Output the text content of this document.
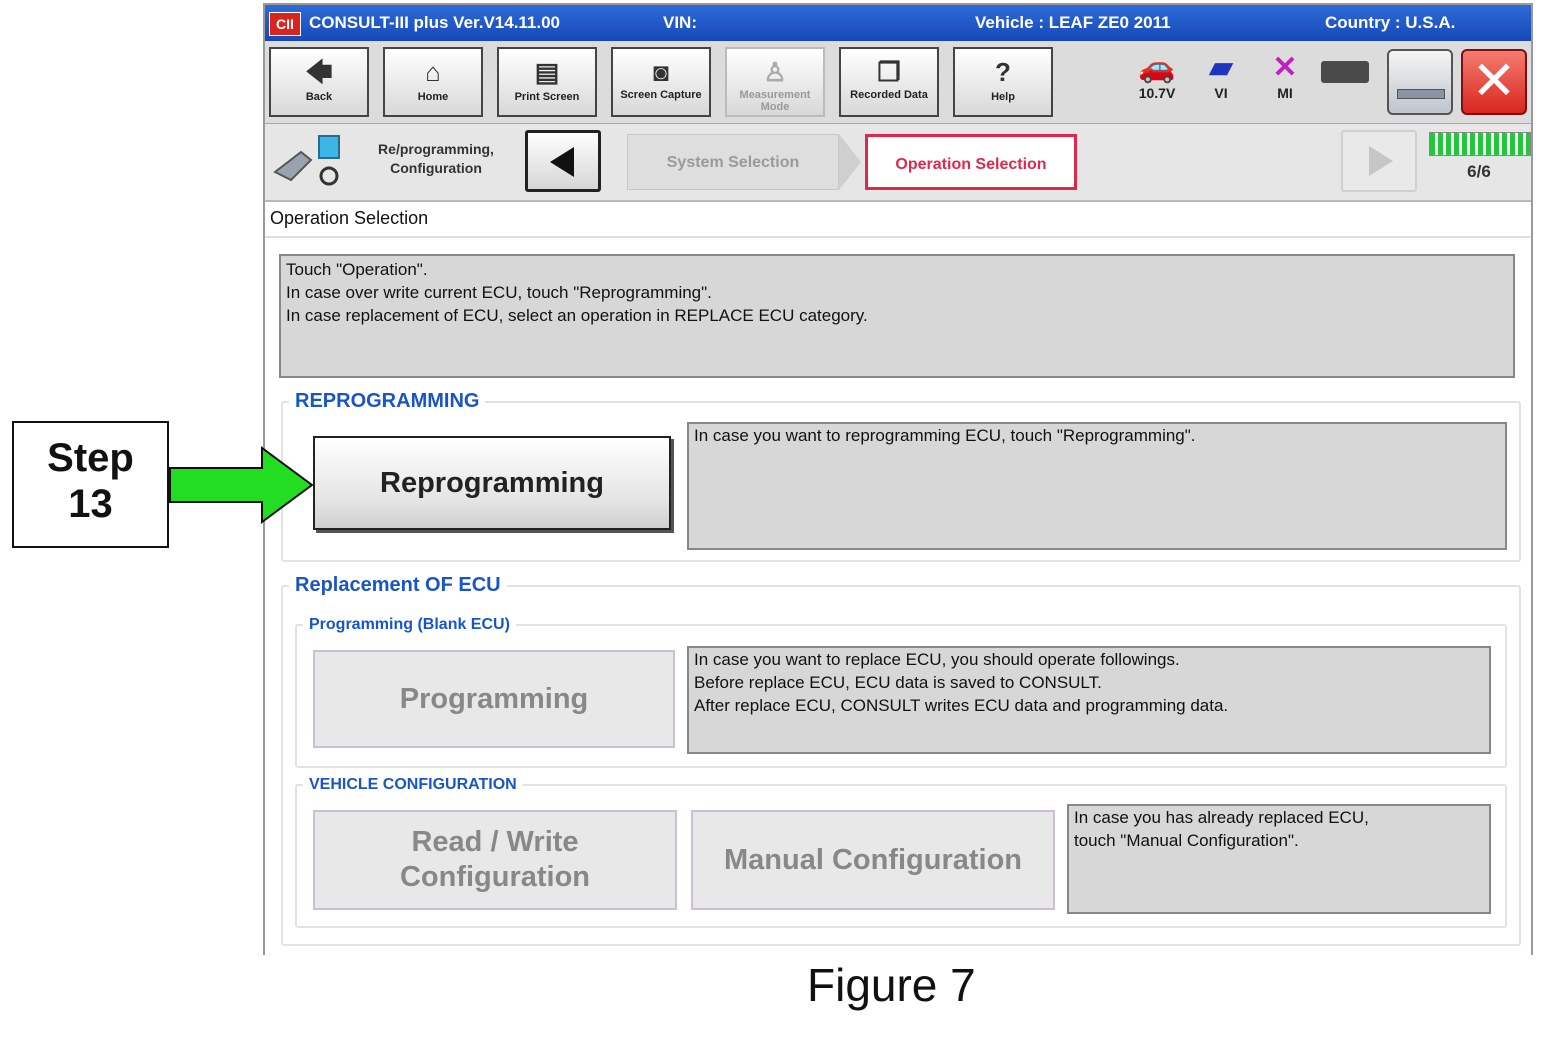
CII CONSULT-III plus Ver.V14.11.00	VIN:	Vehicle : LEAF ZE0 2011	Country : U.S.A.
🡄
Back
⌂
Home
▤
Print Screen
◙
Screen Capture
♙
Measurement Mode
❐
Recorded Data
?
Help
🚗
10.7V
▰
VI
✕
MI	✕
Re/programming, Configuration	System Selection	Operation Selection	6/6
Operation Selection
Touch "Operation".
In case over write current ECU, touch "Reprogramming".
In case replacement of ECU, select an operation in REPLACE ECU category.
REPROGRAMMING
Reprogramming
In case you want to reprogramming ECU, touch "Reprogramming".
Replacement OF ECU
Programming (Blank ECU)
Programming
In case you want to replace ECU, you should operate followings.
Before replace ECU, ECU data is saved to CONSULT.
After replace ECU, CONSULT writes ECU data and programming data.
VEHICLE CONFIGURATION
Read / Write
Configuration
Manual Configuration
In case you has already replaced ECU,
touch "Manual Configuration".
Step
13
Figure 7
